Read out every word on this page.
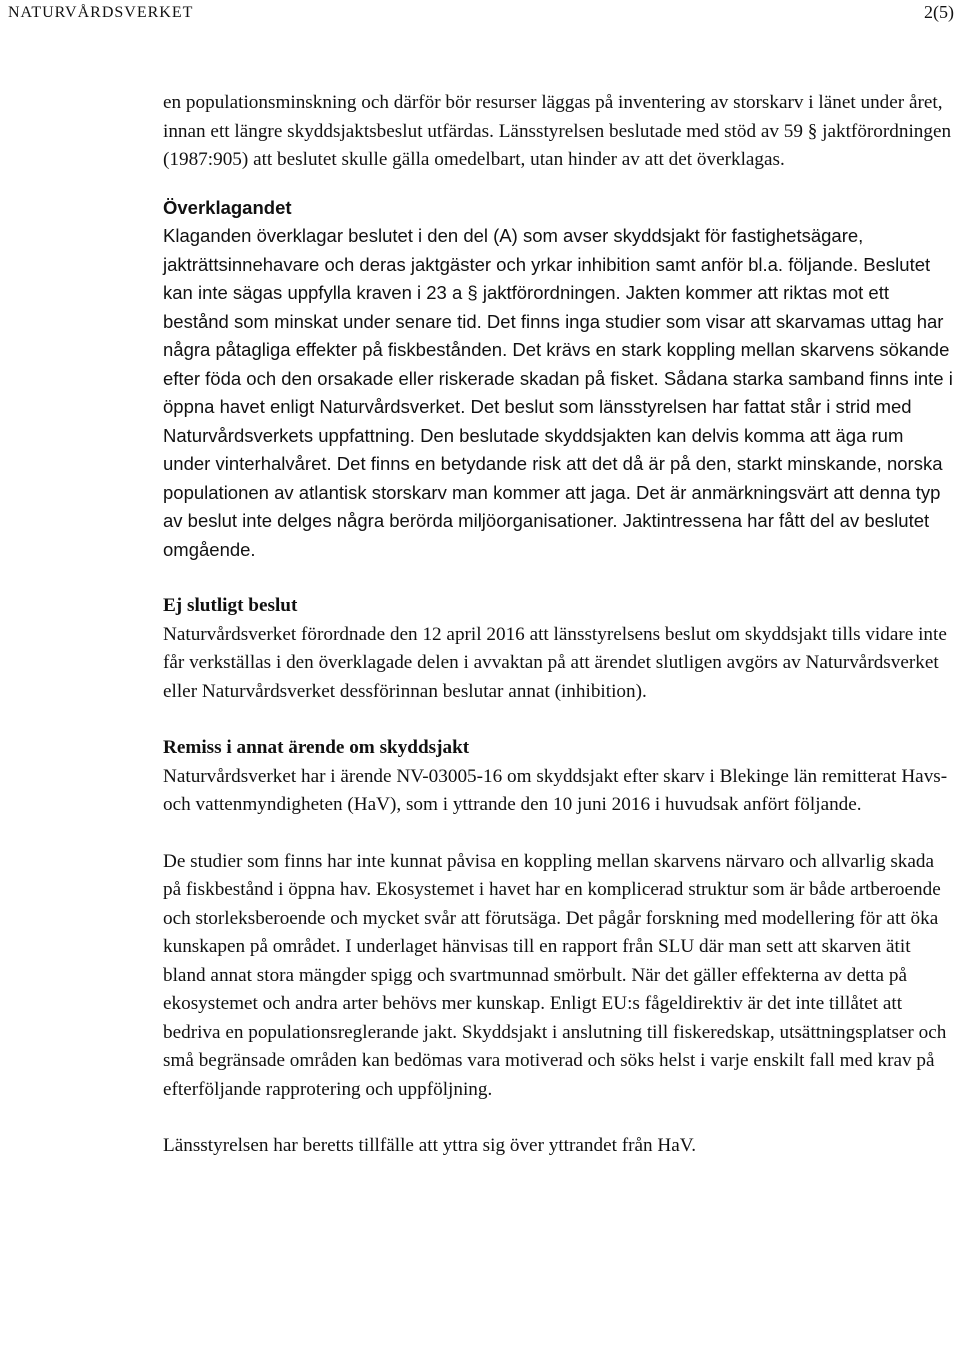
NATURVÅRDSVERKET	2(5)

en populationsminskning och därför bör resurser läggas på inventering av storskarv i länet under året, innan ett längre skyddsjaktsbeslut utfärdas. Länsstyrelsen beslutade med stöd av 59 § jaktförordningen (1987:905) att beslutet skulle gälla omedelbart, utan hinder av att det överklagas.

Överklagandet

Klaganden överklagar beslutet i den del (A) som avser skyddsjakt för fastighetsägare, jakträttsinnehavare och deras jaktgäster och yrkar inhibition samt anför bl.a. följande. Beslutet kan inte sägas uppfylla kraven i 23 a § jaktförordningen. Jakten kommer att riktas mot ett bestånd som minskat under senare tid. Det finns inga studier som visar att skarvamas uttag har några påtagliga effekter på fiskbestånden. Det krävs en stark koppling mellan skarvens sökande efter föda och den orsakade eller riskerade skadan på fisket. Sådana starka samband finns inte i öppna havet enligt Naturvårdsverket. Det beslut som länsstyrelsen har fattat står i strid med Naturvårdsverkets uppfattning. Den beslutade skyddsjakten kan delvis komma att äga rum under vinterhalvåret. Det finns en betydande risk att det då är på den, starkt minskande, norska populationen av atlantisk storskarv man kommer att jaga. Det är anmärkningsvärt att denna typ av beslut inte delges några berörda miljöorganisationer. Jaktintressena har fått del av beslutet omgående.

Ej slutligt beslut

Naturvårdsverket förordnade den 12 april 2016 att länsstyrelsens beslut om skyddsjakt tills vidare inte får verkställas i den överklagade delen i avvaktan på att ärendet slutligen avgörs av Naturvårdsverket eller Naturvårdsverket dessförinnan beslutar annat (inhibition).

Remiss i annat ärende om skyddsjakt

Naturvårdsverket har i ärende NV-03005-16 om skyddsjakt efter skarv i Blekinge län remitterat Havs- och vattenmyndigheten (HaV), som i yttrande den 10 juni 2016 i huvudsak anfört följande.

De studier som finns har inte kunnat påvisa en koppling mellan skarvens närvaro och allvarlig skada på fiskbestånd i öppna hav. Ekosystemet i havet har en komplicerad struktur som är både artberoende och storleksberoende och mycket svår att förutsäga. Det pågår forskning med modellering för att öka kunskapen på området. I underlaget hänvisas till en rapport från SLU där man sett att skarven ätit bland annat stora mängder spigg och svartmunnad smörbult. När det gäller effekterna av detta på ekosystemet och andra arter behövs mer kunskap. Enligt EU:s fågeldirektiv är det inte tillåtet att bedriva en populationsreglerande jakt. Skyddsjakt i anslutning till fiskeredskap, utsättningsplatser och små begränsade områden kan bedömas vara motiverad och söks helst i varje enskilt fall med krav på efterföljande rapprotering och uppföljning.

Länsstyrelsen har beretts tillfälle att yttra sig över yttrandet från HaV.
